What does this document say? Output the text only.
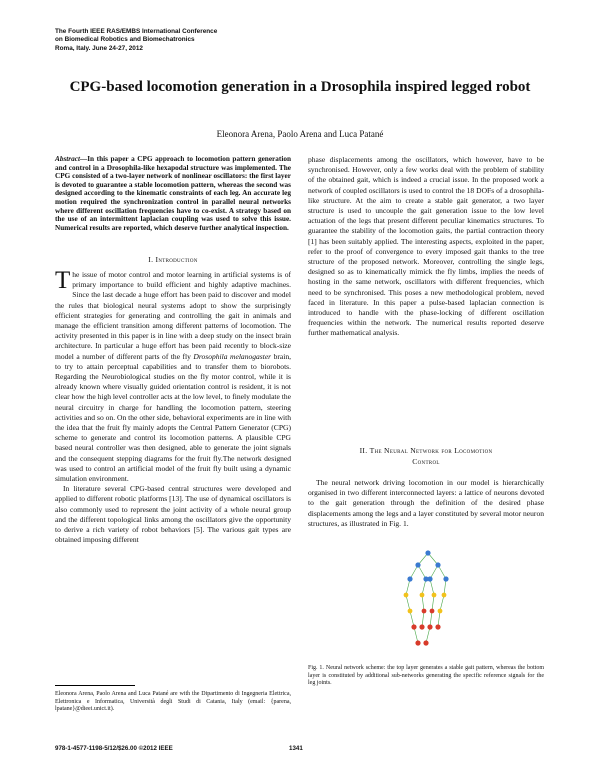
The Fourth IEEE RAS/EMBS International Conference
on Biomedical Robotics and Biomechatronics
Roma, Italy. June 24-27, 2012
CPG-based locomotion generation in a Drosophila inspired legged robot
Eleonora Arena, Paolo Arena and Luca Patané
Abstract—In this paper a CPG approach to locomotion pattern generation and control in a Drosophila-like hexapodal structure was implemented. The CPG consisted of a two-layer network of nonlinear oscillators: the first layer is devoted to guarantee a stable locomotion pattern, whereas the second was designed according to the kinematic constraints of each leg. An accurate leg motion required the synchronization control in parallel neural networks where different oscillation frequencies have to co-exist. A strategy based on the use of an intermittent laplacian coupling was used to solve this issue. Numerical results are reported, which deserve further analytical inspection.
I. Introduction

The issue of motor control and motor learning in artificial systems is of primary importance to build efficient and highly adaptive machines. Since the last decade a huge effort has been paid to discover and model the rules that biological neural systems adopt to show the surprisingly efficient strategies for generating and controlling the gait in animals and manage the efficient transition among different patterns of locomotion. The activity presented in this paper is in line with a deep study on the insect brain architecture. In particular a huge effort has been paid recently to block-size model a number of different parts of the fly Drosophila melanogaster brain, to try to attain perceptual capabilities and to transfer them to biorobots. Regarding the Neurobiological studies on the fly motor control, while it is already known where visually guided orientation control is resident, it is not clear how the high level controller acts at the low level, to finely modulate the neural circuitry in charge for handling the locomotion pattern, steering activities and so on. On the other side, behavioral experiments are in line with the idea that the fruit fly mainly adopts the Central Pattern Generator (CPG) scheme to generate and control its locomotion patterns. A plausible CPG based neural controller was then designed, able to generate the joint signals and the consequent stepping diagrams for the fruit fly.The network designed was used to control an artificial model of the fruit fly built using a dynamic simulation environment.

In literature several CPG-based central structures were developed and applied to different robotic platforms [13]. The use of dynamical oscillators is also commonly used to represent the joint activity of a whole neural group and the different topological links among the oscillators give the opportunity to derive a rich variety of robot behaviors [5]. The various gait types are obtained imposing different

phase displacements among the oscillators, which however, have to be synchronised. However, only a few works deal with the problem of stability of the obtained gait, which is indeed a crucial issue. In the proposed work a network of coupled oscillators is used to control the 18 DOFs of a drosophila-like structure. At the aim to create a stable gait generator, a two layer structure is used to uncouple the gait generation issue to the low level actuation of the legs that present different peculiar kinematics structures. To guarantee the stability of the locomotion gaits, the partial contraction theory [1] has been suitably applied. The interesting aspects, exploited in the paper, refer to the proof of convergence to every imposed gait thanks to the tree structure of the proposed network. Moreover, controlling the single legs, designed so as to kinematically mimick the fly limbs, implies the needs of hosting in the same network, oscillators with different frequencies, which need to be synchronised. This poses a new methodological problem, neved faced in literature. In this paper a pulse-based laplacian connection is introduced to handle with the phase-locking of different oscillation frequencies within the network. The numerical results reported deserve further mathematical analysis.

II. The Neural Network for Locomotion
Control

The neural network driving locomotion in our model is hierarchically organised in two different interconnected layers: a lattice of neurons devoted to the gait generation through the definition of the desired phase displacements among the legs and a layer constituted by several motor neuron structures, as illustrated in Fig. 1.

Fig. 1. Neural network scheme: the top layer generates a stable gait pattern, whereas the bottom layer is constituted by additional sub-networks generating the specific reference signals for the leg joints.
Eleonora Arena, Paolo Arena and Luca Patané are with the Dipartimento di Ingegneria Elettrica, Elettronica e Informatica, Università degli Studi di Catania, Italy (email: {parena, lpatane}@dieei.unict.it).
978-1-4577-1198-5/12/$26.00 ©2012 IEEE	1341
